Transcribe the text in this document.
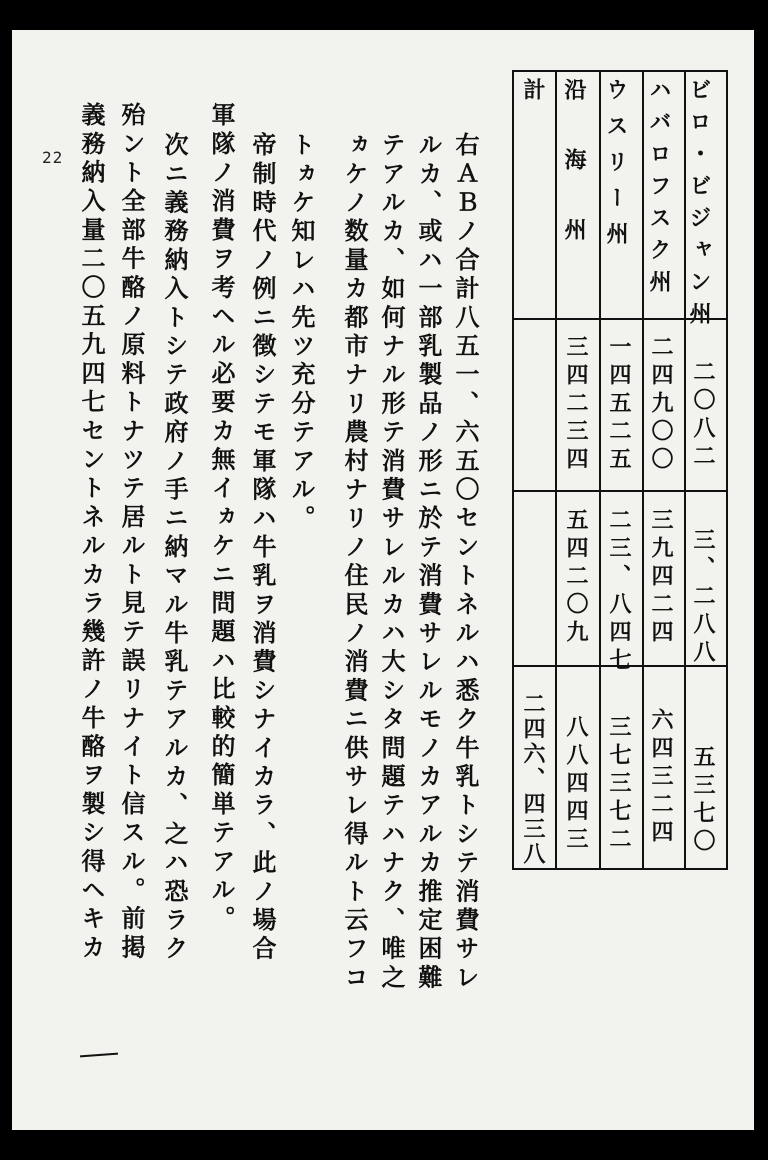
22	ビロ・ビジャン州
二〇八二
三、二八八
五三七〇
ハバロフスク州
二四九〇〇
三九四二四
六四三二四
ウスリー州
一四五二五
二三、八四七
三七三七二
沿海州
三四二三四
五四二〇九
八八四四三
計
二四六、四三八
右ＡＢノ合計八五一、六五〇セントネルハ悉ク牛乳トシテ消費サレ
ルカ、或ハ一部乳製品ノ形ニ於テ消費サレルモノカアルカ推定困難
テアルカ、如何ナル形テ消費サレルカハ大シタ問題テハナク、唯之
ヵケノ数量カ都市ナリ農村ナリノ住民ノ消費ニ供サレ得ルト云フコ
トヵケ知レハ先ツ充分テアル。
帝制時代ノ例ニ徴シテモ軍隊ハ牛乳ヲ消費シナイカラ、此ノ場合
軍隊ノ消費ヲ考ヘル必要カ無イヵケニ問題ハ比較的簡単テアル。
次ニ義務納入トシテ政府ノ手ニ納マル牛乳テアルカ、之ハ恐ラク
殆ント全部牛酪ノ原料トナツテ居ルト見テ誤リナイト信スル。前掲
義務納入量二〇五九四七セントネルカラ幾許ノ牛酪ヲ製シ得ヘキカ
